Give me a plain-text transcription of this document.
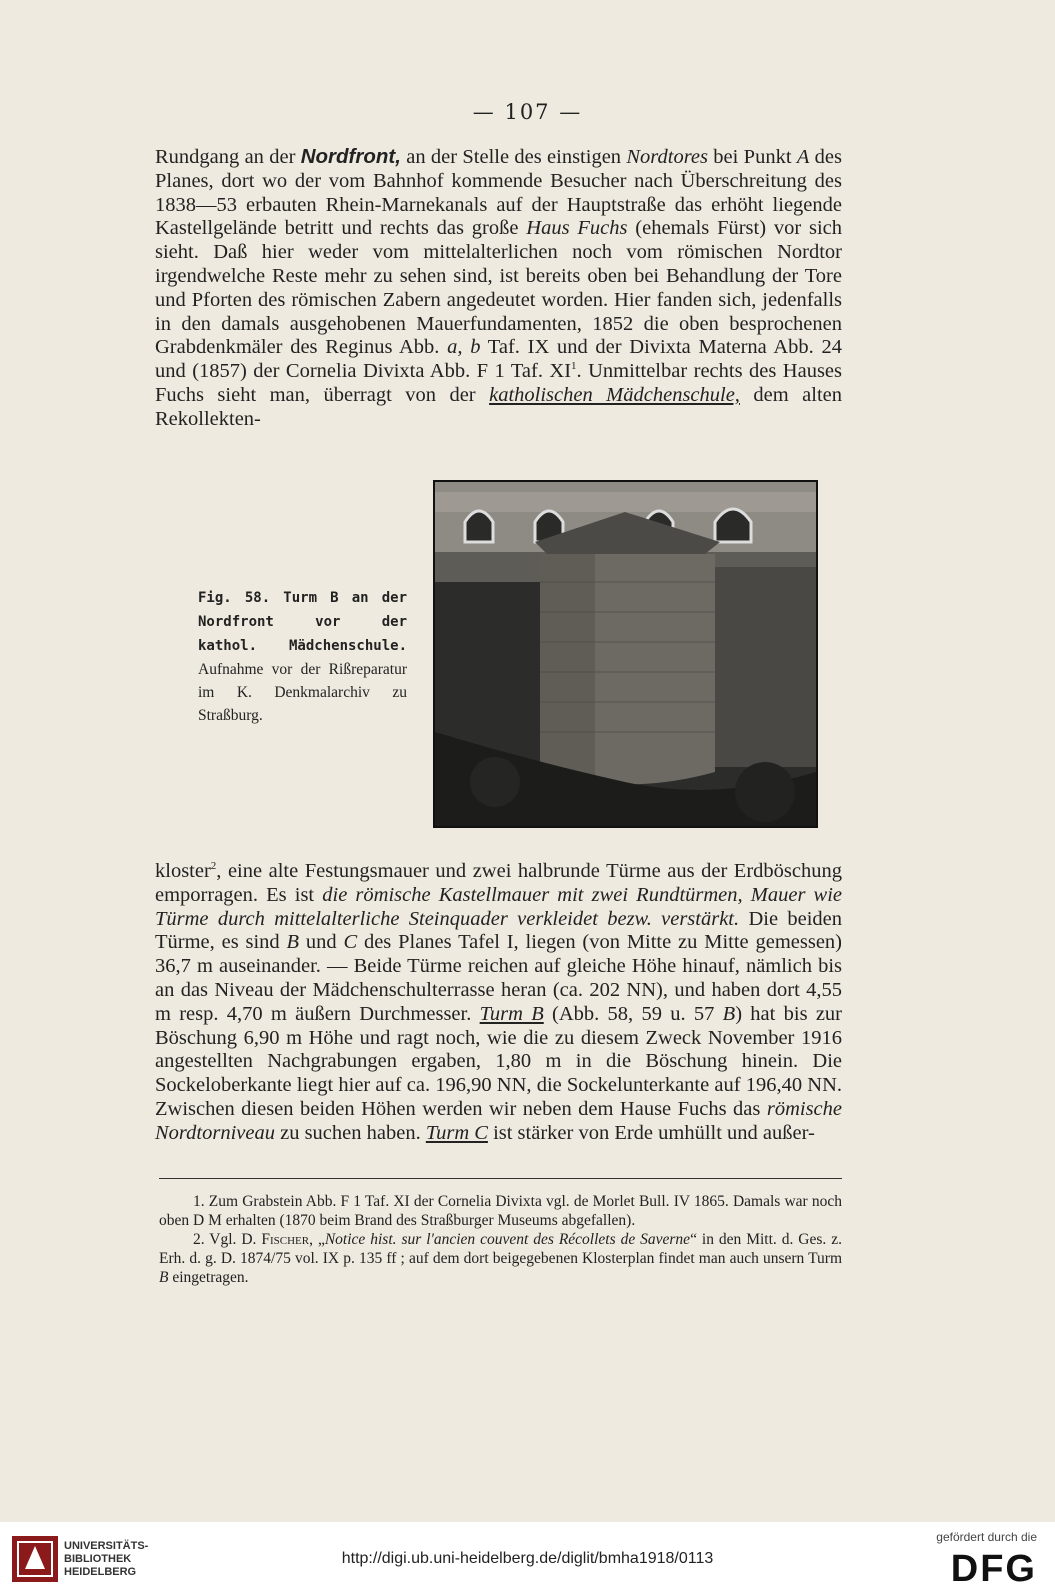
— 107 —

Rundgang an der Nordfront, an der Stelle des einstigen Nordtores bei Punkt A des Planes, dort wo der vom Bahnhof kommende Besucher nach Überschreitung des 1838—53 erbauten Rhein-Marnekanals auf der Hauptstraße das erhöht liegende Kastellgelände betritt und rechts das große Haus Fuchs (ehemals Fürst) vor sich sieht. Daß hier weder vom mittelalterlichen noch vom römischen Nordtor irgendwelche Reste mehr zu sehen sind, ist bereits oben bei Behandlung der Tore und Pforten des römischen Zabern angedeutet worden. Hier fanden sich, jedenfalls in den damals ausgehobenen Mauerfundamenten, 1852 die oben besprochenen Grabdenkmäler des Reginus Abb. a, b Taf. IX und der Divixta Materna Abb. 24 und (1857) der Cornelia Divixta Abb. F 1 Taf. $XI^1$. Unmittelbar rechts des Hauses Fuchs sieht man, überragt von der katholischen Mädchenschule, dem alten Rekollekten-

Fig. 58. Turm B an der Nordfront vor der kathol. Mädchenschule. Aufnahme vor der Rißreparatur im K. Denkmalarchiv zu Straßburg.

kloster$^2$, eine alte Festungsmauer und zwei halbrunde Türme aus der Erdböschung emporragen. Es ist die römische Kastellmauer mit zwei Rundtürmen, Mauer wie Türme durch mittelalterliche Steinquader verkleidet bezw. verstärkt. Die beiden Türme, es sind B und C des Planes Tafel I, liegen (von Mitte zu Mitte gemessen) 36,7 m auseinander. — Beide Türme reichen auf gleiche Höhe hinauf, nämlich bis an das Niveau der Mädchenschulterrasse heran (ca. 202 NN), und haben dort 4,55 m resp. 4,70 m äußern Durchmesser. Turm B (Abb. 58, 59 u. 57 B) hat bis zur Böschung 6,90 m Höhe und ragt noch, wie die zu diesem Zweck November 1916 angestellten Nachgrabungen ergaben, 1,80 m in die Böschung hinein. Die Sockeloberkante liegt hier auf ca. 196,90 NN, die Sockelunterkante auf 196,40 NN. Zwischen diesen beiden Höhen werden wir neben dem Hause Fuchs das römische Nordtorniveau zu suchen haben. Turm C ist stärker von Erde umhüllt und außer-

1. Zum Grabstein Abb. F 1 Taf. XI der Cornelia Divixta vgl. de Morlet Bull. IV 1865. Damals war noch oben D M erhalten (1870 beim Brand des Straßburger Museums abgefallen).

2. Vgl. D. Fischer, „Notice hist. sur l'ancien couvent des Récollets de Saverne“ in den Mitt. d. Ges. z. Erh. d. g. D. 1874/75 vol. IX p. 135 ff ; auf dem dort beigegebenen Klosterplan findet man auch unsern Turm B eingetragen.

UNIVERSITÄTS-
BIBLIOTHEK
HEIDELBERG
http://digi.ub.uni-heidelberg.de/diglit/bmha1918/0113
gefördert durch die
DFG
